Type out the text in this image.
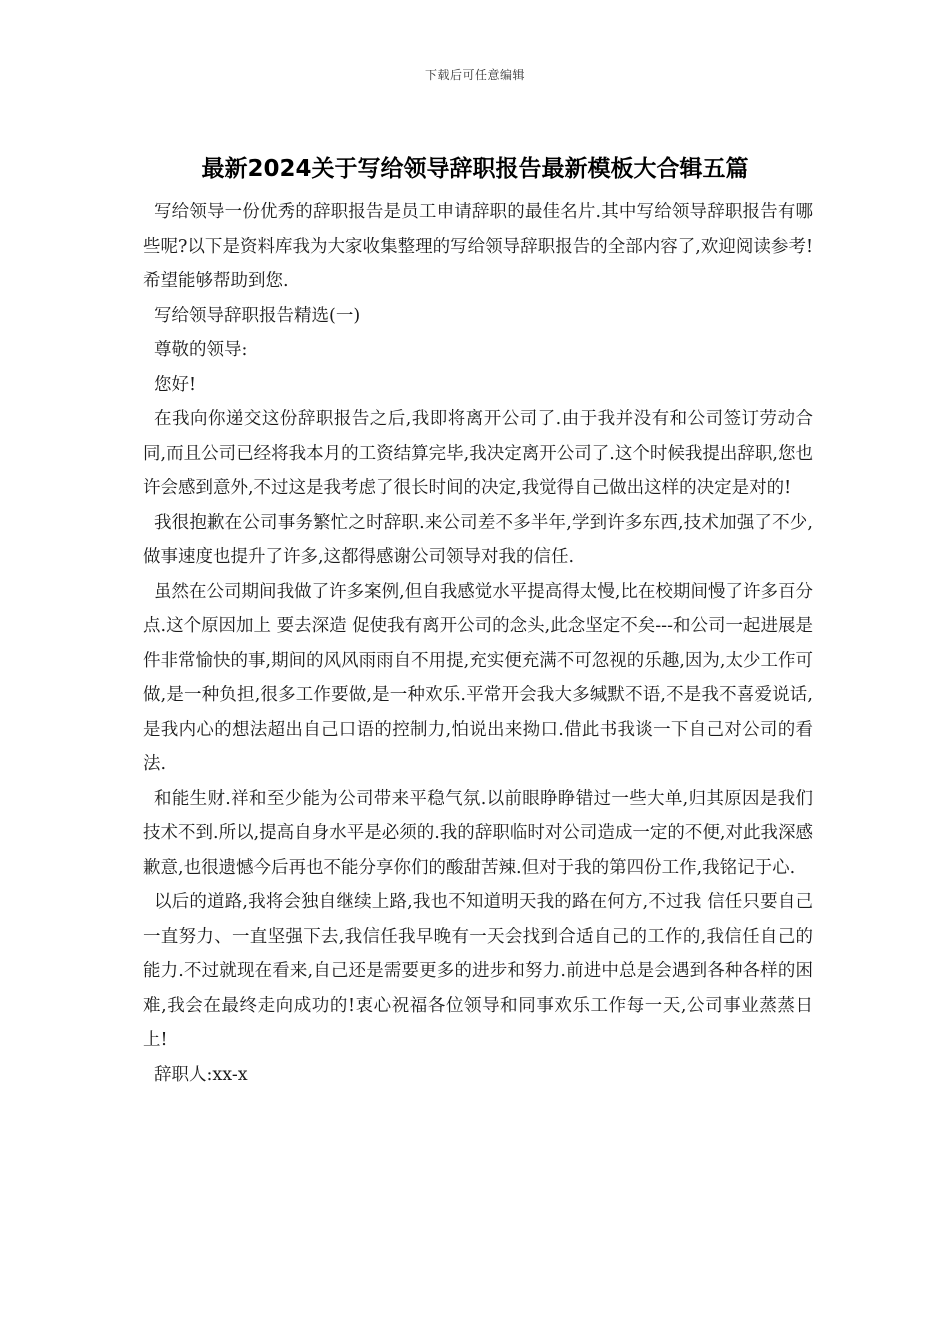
下载后可任意编辑
最新2024关于写给领导辞职报告最新模板大合辑五篇

写给领导一份优秀的辞职报告是员工申请辞职的最佳名片.其中写给领导辞职报告有哪些呢?以下是资料库我为大家收集整理的写给领导辞职报告的全部内容了,欢迎阅读参考!希望能够帮助到您.

写给领导辞职报告精选(一)

尊敬的领导:

您好!

在我向你递交这份辞职报告之后,我即将离开公司了.由于我并没有和公司签订劳动合同,而且公司已经将我本月的工资结算完毕,我决定离开公司了.这个时候我提出辞职,您也许会感到意外,不过这是我考虑了很长时间的决定,我觉得自己做出这样的决定是对的!

我很抱歉在公司事务繁忙之时辞职.来公司差不多半年,学到许多东西,技术加强了不少,做事速度也提升了许多,这都得感谢公司领导对我的信任.

虽然在公司期间我做了许多案例,但自我感觉水平提高得太慢,比在校期间慢了许多百分点.这个原因加上 要去深造 促使我有离开公司的念头,此念坚定不矣---和公司一起进展是件非常愉快的事,期间的风风雨雨自不用提,充实便充满不可忽视的乐趣,因为,太少工作可做,是一种负担,很多工作要做,是一种欢乐.平常开会我大多缄默不语,不是我不喜爱说话,是我内心的想法超出自己口语的控制力,怕说出来拗口.借此书我谈一下自己对公司的看法.

和能生财.祥和至少能为公司带来平稳气氛.以前眼睁睁错过一些大单,归其原因是我们技术不到.所以,提高自身水平是必须的.我的辞职临时对公司造成一定的不便,对此我深感歉意,也很遗憾今后再也不能分享你们的酸甜苦辣.但对于我的第四份工作,我铭记于心.

以后的道路,我将会独自继续上路,我也不知道明天我的路在何方,不过我 信任只要自己一直努力、一直坚强下去,我信任我早晚有一天会找到合适自己的工作的,我信任自己的能力.不过就现在看来,自己还是需要更多的进步和努力.前进中总是会遇到各种各样的困难,我会在最终走向成功的!衷心祝福各位领导和同事欢乐工作每一天,公司事业蒸蒸日上!

辞职人:xx-x
